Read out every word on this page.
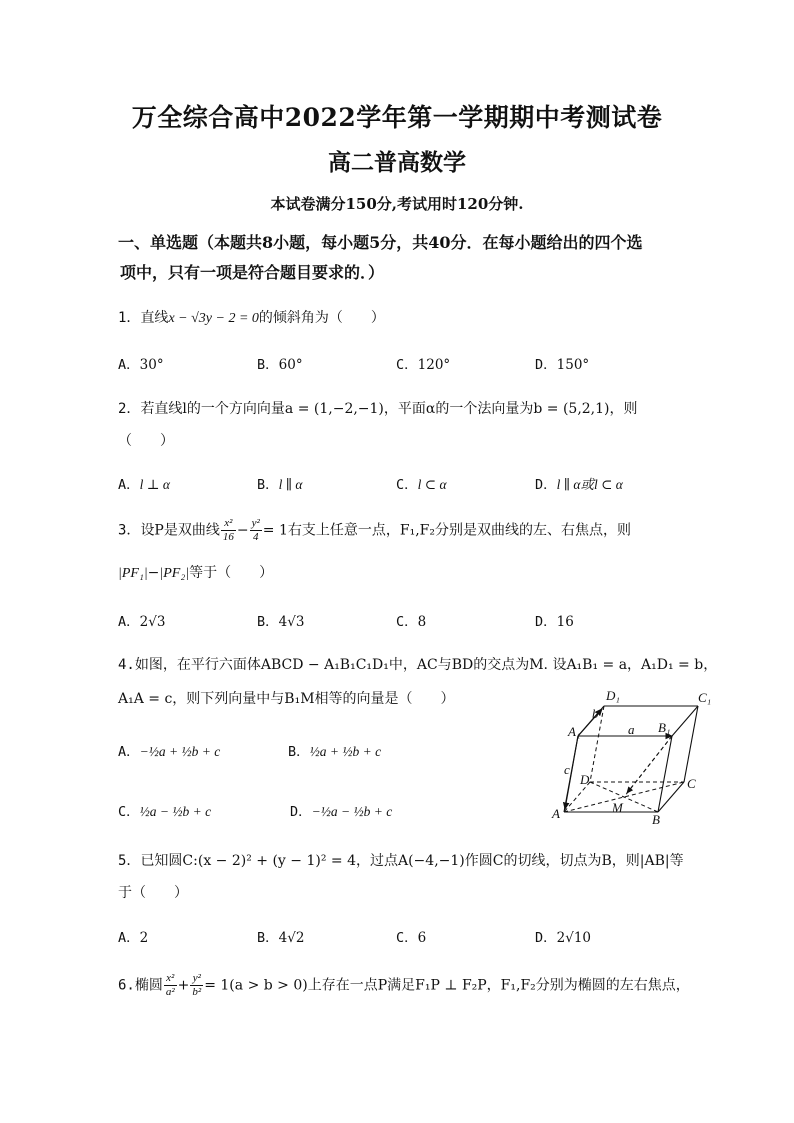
万全综合高中2022学年第一学期期中考测试卷
高二普高数学
本试卷满分150分,考试用时120分钟.
一、单选题（本题共8小题，每小题5分，共40分．在每小题给出的四个选
项中，只有一项是符合题目要求的．）
1．直线x − √3y − 2 = 0的倾斜角为（　　）
A．30°	B．60°	C．120°	D．150°
2．若直线l的一个方向向量a = (1,−2,−1)，平面α的一个法向量为b = (5,2,1)，则
（　　）
A．l ⊥ α	B．l ∥ α	C．l ⊂ α	D．l ∥ α或l ⊂ α
3．设P是双曲线 $\frac{\text{x²}}{16} - \frac{\text{y²}}{4} = 1$右支上任意一点，F₁,F₂分别是双曲线的左、右焦点，则
|PF₁|−|PF₂|等于（　　）
A．2√3	B．4√3	C．8	D．16
4.如图，在平行六面体ABCD − A₁B₁C₁D₁中，AC与BD的交点为M. 设A₁B₁ = a，A₁D₁ = b，
A₁A = c，则下列向量中与B₁M相等的向量是（　　）
A．−½a + ½b + c	B．½a + ½b + c
C．½a − ½b + c	D．−½a − ½b + c
D₁	C₁
A₁	B₁
D	C
A	B
M
a
b
c
5．已知圆C:(x − 2)² + (y − 1)² = 4，过点A(−4,−1)作圆C的切线，切点为B，则|AB|等
于（　　）
A．2	B．4√2	C．6	D．2√10
6.椭圆 $\frac{\text{x²}}{\text{a²}} + \frac{\text{y²}}{\text{b²}} = 1(a > b > 0)$上存在一点P满足F₁P ⊥ F₂P，F₁,F₂分别为椭圆的左右焦点，
